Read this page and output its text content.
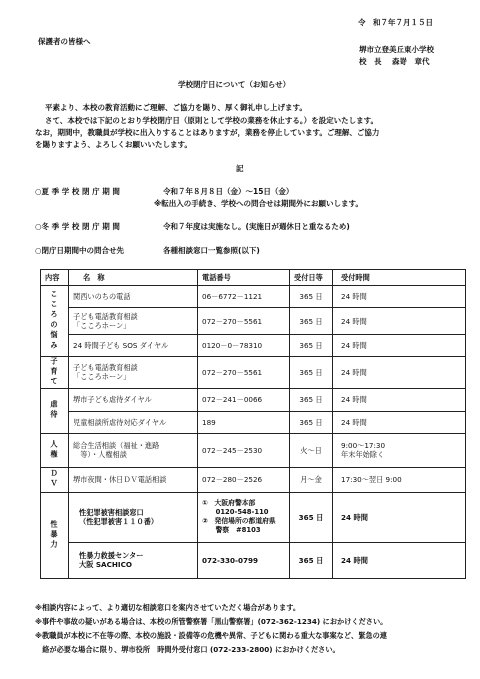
令　和７年７月１５日
保護者の皆様へ
堺市立登美丘東小学校
校　長 森嵜　章代
学校閉庁日について（お知らせ）
平素より、本校の教育活動にご理解、ご協力を賜り、厚く御礼申し上げます。
さて、本校では下記のとおり学校閉庁日（原則として学校の業務を休止する。）を設定いたします。
なお，期間中，教職員が学校に出入りすることはありますが，業務を停止しています。ご理解、ご協力
を賜りますよう、よろしくお願いいたします。
記
○夏 季 学 校 閉 庁 期 間	令和７年８月８日（金）～15日（金）
※転出入の手続き、学校への問合せは期間外にお願いします。
○冬 季 学 校 閉 庁 期 間	令和７年度は実施なし。(実施日が週休日と重なるため)
○閉庁日期間中の問合せ先	各種相談窓口一覧参照(以下)
内容	名　称	電話番号	受付日等	受付時間
こころの悩み	関西いのちの電話	06－6772－1121	365 日	24 時間
	子ども電話教育相談
「こころホーン」	072－270－5561	365 日	24 時間
	24 時間子ども SOS ダイヤル	0120－0－78310	365 日	24 時間
子育て	子ども電話教育相談
「こころホーン」	072－270－5561	365 日	24 時間
虐待	堺市子ども虐待ダイヤル	072－241－0066	365 日	24 時間
	児童相談所虐待対応ダイヤル	189	365 日	24 時間
人権	総合生活相談（福祉・進路
　等）・人権相談	072－245－2530	火～日	9:00～17:30
年末年始除く
ＤＶ	堺市夜間・休日ＤＶ電話相談	072－280－2526	月～金	17:30～翌日 9:00
性暴力	性犯罪被害相談窓口
（性犯罪被害１１０番）	①　大阪府警本部
　　0120-548-110
②　発信場所の都道府県
　　警察　#8103	365 日	24 時間
	性暴力救援センター
大阪 SACHICO	072-330-0799	365 日	24 時間
※相談内容によって、より適切な相談窓口を案内させていただく場合があります。
※事件や事故の疑いがある場合は、本校の所管警察署「黒山警察署」(072-362-1234) におかけください。
※教職員が本校に不在等の際、本校の施設・設備等の危機や異常、子どもに関わる重大な事案など、緊急の連
　絡が必要な場合に限り、堺市役所　時間外受付窓口 (072-233-2800) におかけください。
